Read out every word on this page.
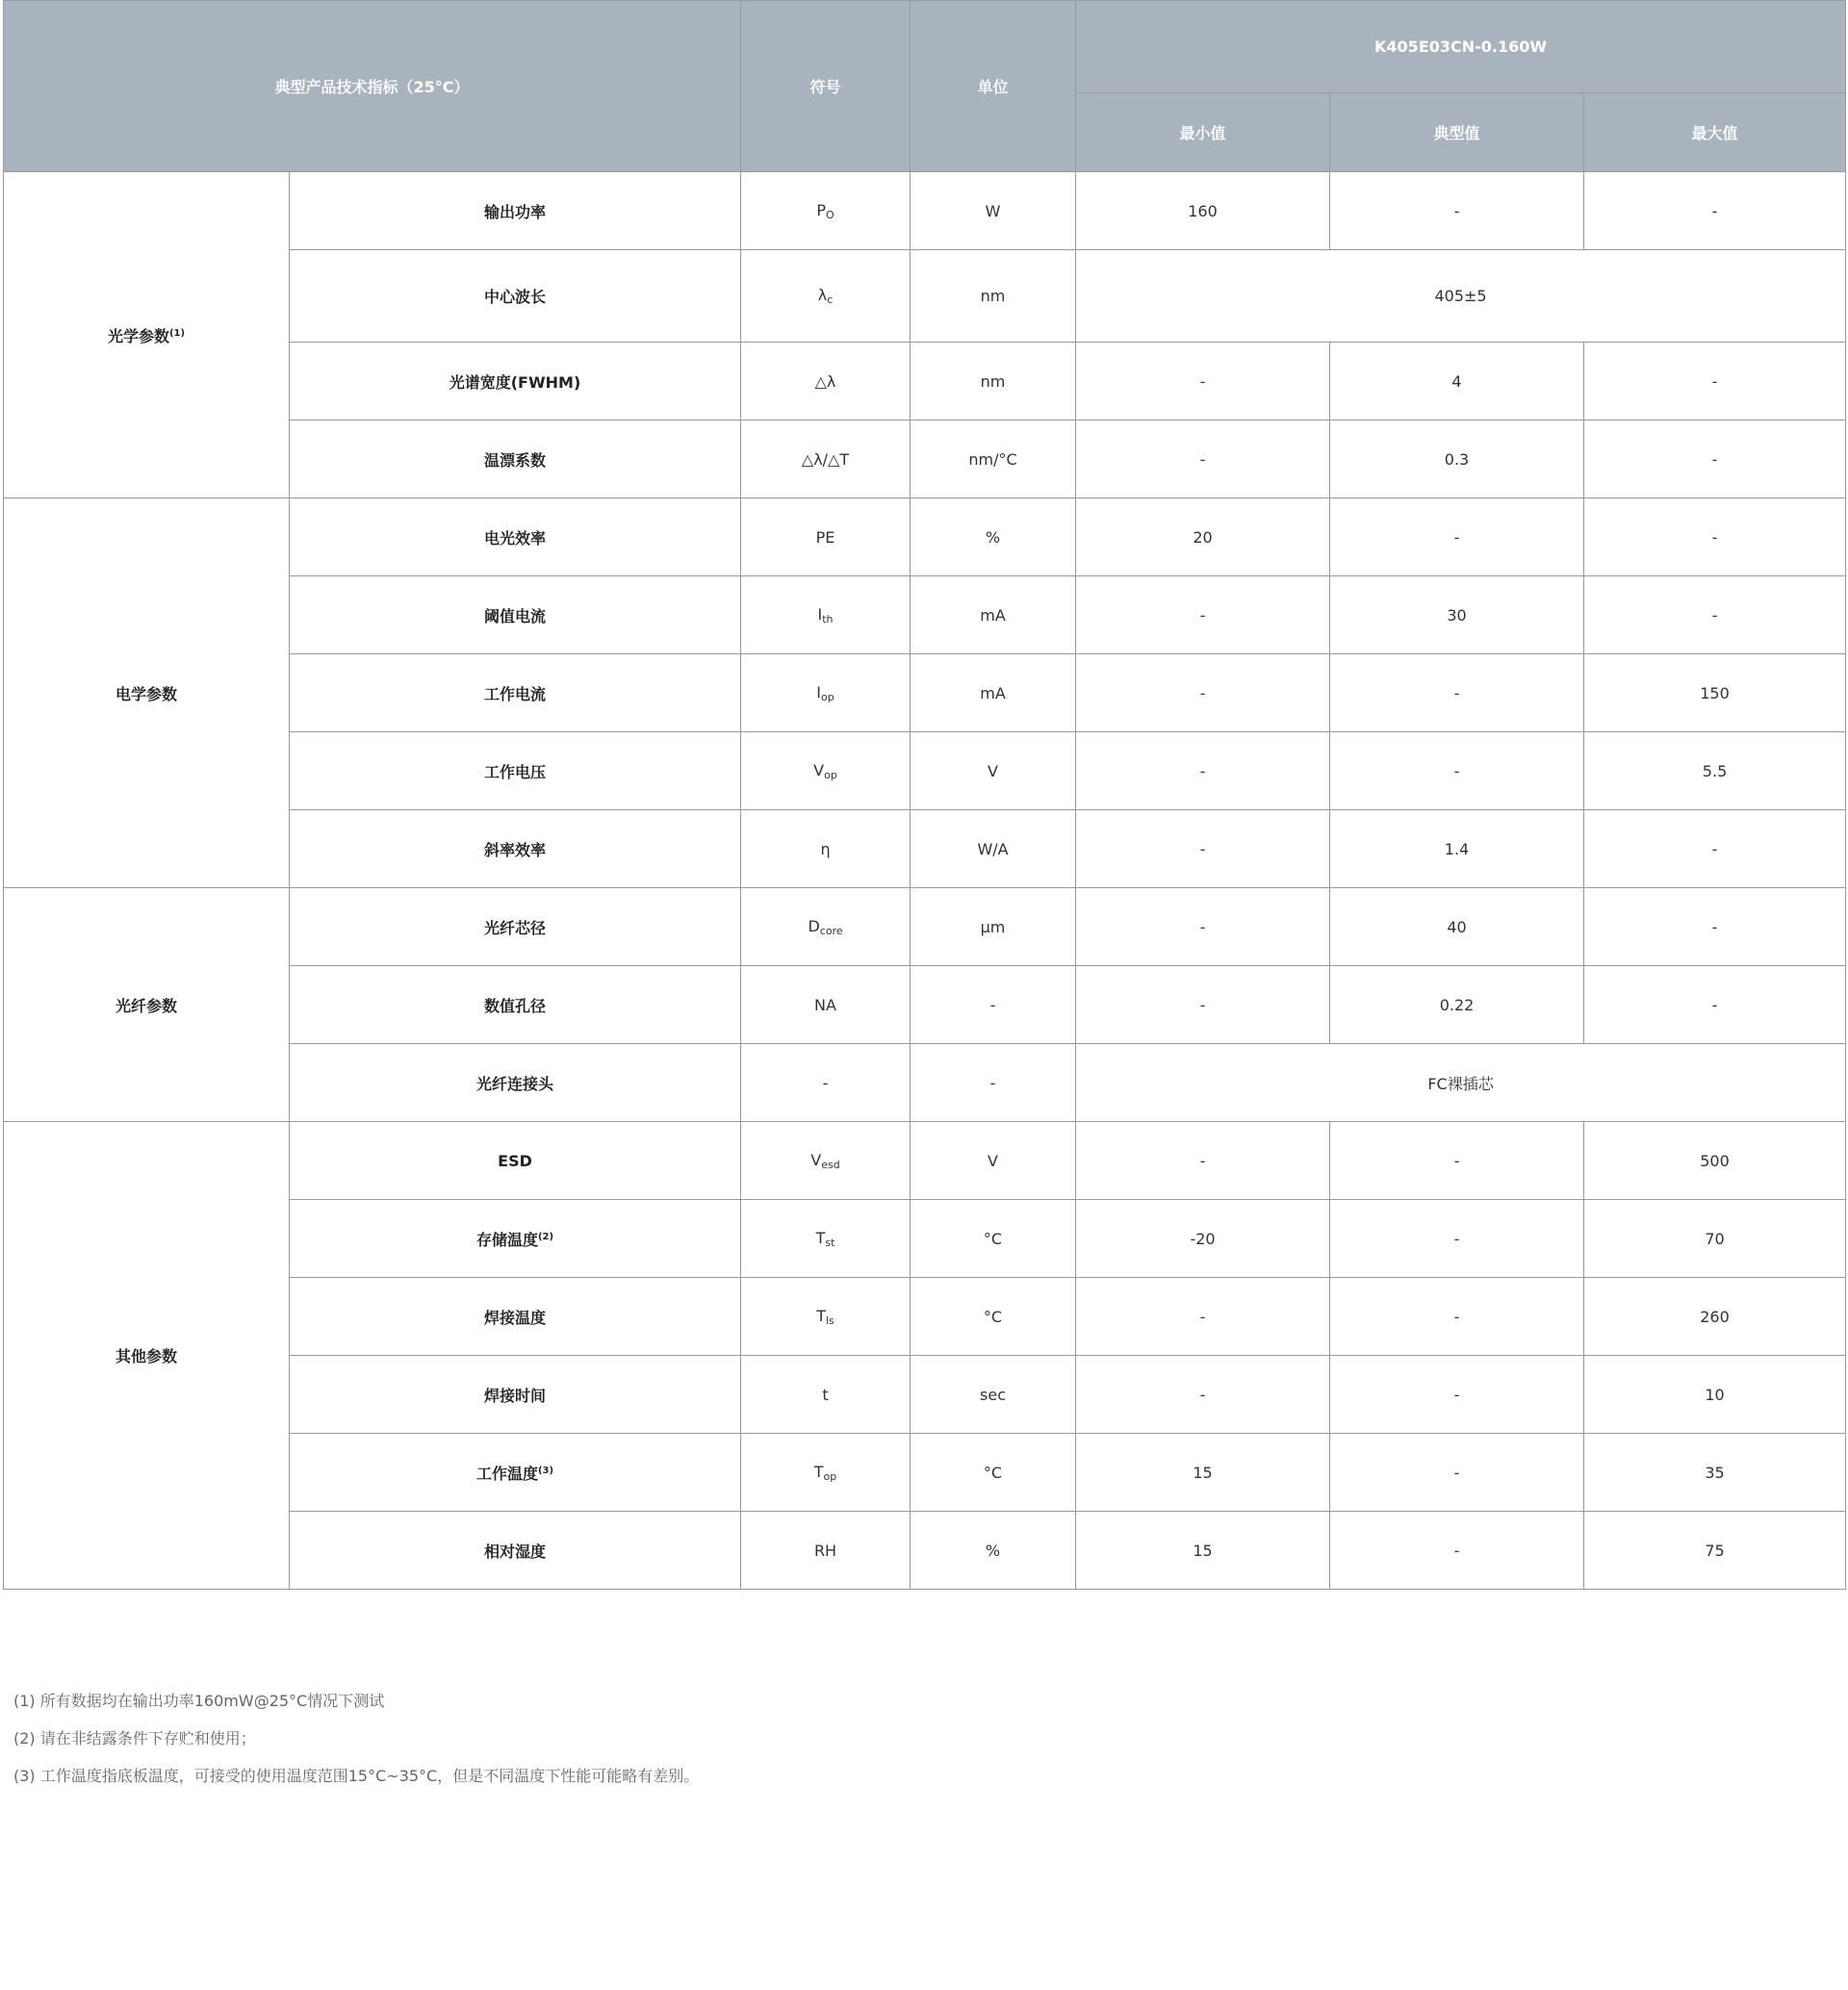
典型产品技术指标（25°C）		符号	单位	K405E03CN-0.160W		
				最小值	典型值	最大值
光学参数$^{(1)}$	输出功率	$P_O$	W	160	-	-
	中心波长	$\lambda_c$	nm	405±5		
	光谱宽度(FWHM)	△λ	nm	-	4	-
	温漂系数	△λ/△T	nm/°C	-	0.3	-
电学参数	电光效率	PE	%	20	-	-
	阈值电流	$I_{th}$	mA	-	30	-
	工作电流	$I_{op}$	mA	-	-	150
	工作电压	$V_{op}$	V	-	-	5.5
	斜率效率	η	W/A	-	1.4	-
光纤参数	光纤芯径	$D_{core}$	μm	-	40	-
	数值孔径	NA	-	-	0.22	-
	光纤连接头	-	-	FC裸插芯		
其他参数	ESD	$V_{esd}$	V	-	-	500
	存储温度$^{(2)}$	$T_{st}$	°C	-20	-	70
	焊接温度	$T_{ls}$	°C	-	-	260
	焊接时间	t	sec	-	-	10
	工作温度$^{(3)}$	$T_{op}$	°C	15	-	35
	相对湿度	RH	%	15	-	75

(1) 所有数据均在输出功率160mW@25°C情况下测试

(2) 请在非结露条件下存贮和使用；

(3) 工作温度指底板温度，可接受的使用温度范围15°C~35°C，但是不同温度下性能可能略有差别。
